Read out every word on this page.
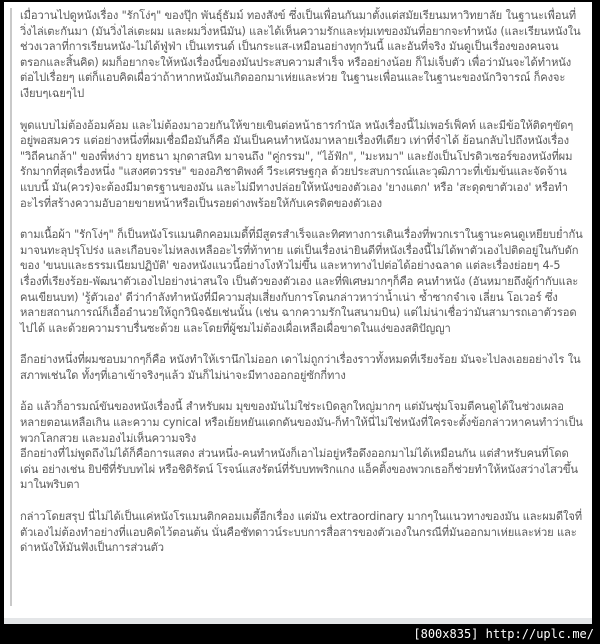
เมื่อวานไปดูหนังเรื่อง "รักโง่ๆ" ของปุ๊ก พันธุ์ธัมม์ ทองสังข์ ซึ่งเป็นเพื่อนกันมาตั้งแต่สมัยเรียนมหาวิทยาลัย ในฐานะเพื่อนที่วิ่งไล่เตะกันมา (มันวิ่งไล่เตะผม และผมวิ่งหนีมัน) และได้เห็นความรักและทุ่มเทของมันที่อยากจะทำหนัง (และเรียนหนังในช่วงเวลาที่การเรียนหนัง-ไม่ได้ฟู่ฟ่า เป็นเทรนด์ เป็นกระแส-เหมือนอย่างทุกวันนี้ และอันที่จริง มันดูเป็นเรื่องของคนจนตรอกและสิ้นคิด) ผมก็อยากจะให้หนังเรื่องนี้ของมันประสบความสำเร็จ หรืออย่างน้อย ก็ไม่เจ็บตัว เพื่อว่ามันจะได้ทำหนังต่อไปเรื่อยๆ แต่ก็แอบคิดเผื่อว่าถ้าหากหนังมันเกิดออกมาเห่ยและห่วย ในฐานะเพื่อนและในฐานะของนักวิจารณ์ ก็คงจะเงียบๆเฉยๆไป

พูดแบบไม่ต้องอ้อมค้อม และไม่ต้องมาอวยกันให้ขายเขินต่อหน้าธารกำนัล หนังเรื่องนี้ไม่เพอร์เฟ็คท์ และมีข้อให้ติดๆขัดๆอยู่พอสมควร แต่อย่างหนึ่งที่ผมเชื่อมือมันก็คือ มันเป็นคนทำหนังมาหลายเรื่องทีเดียว เท่าที่จำได้ ย้อนกลับไปถึงหนังเรื่อง "วิถีคนกล้า" ของพี่หง่าว ยุทธนา มุกดาสนิท มาจนถึง "คู่กรรม", "ไอ้ฟัก", "มะหมา" และยังเป็นโปรดิวเซอร์ของหนังที่ผมรักมากที่สุดเรื่องหนึ่ง "แสงศตวรรษ" ของอภิชาติพงศ์ วีระเศรษฐกุล ด้วยประสบการณ์และวุฒิภาวะที่เข้มข้นและจัดจ้านแบบนี้ มัน(ควร)จะต้องมีมาตรฐานของมัน และไม่มีทางปล่อยให้หนังของตัวเอง 'ยางแตก' หรือ 'สะดุดขาตัวเอง' หรือทำอะไรที่สร้างความอับอายขายหน้าหรือเป็นรอยด่างพร้อยให้กับเครดิตของตัวเอง

ตามเนื้อผ้า "รักโง่ๆ" ก็เป็นหนังโรแมนติกคอมเมดี้ที่มีสูตรสำเร็จและทิศทางการเดินเรื่องที่พวกเราในฐานะคนดูเหยียบย่ำกันมาจนทะลุปรุโปร่ง และเกือบจะไม่หลงเหลืออะไรที่ท้าทาย แต่เป็นเรื่องน่ายินดีที่หนังเรื่องนี้ไม่ได้พาตัวเองไปติดอยู่ในกับดักของ 'ขนบและธรรมเนียมปฏิบัติ' ของหนังแนวนี้อย่างโงหัวไม่ขึ้น และหาทางไปต่อได้อย่างฉลาด แต่ละเรื่องย่อยๆ 4-5 เรื่องที่เรียงร้อย-พัฒนาตัวเองไปอย่างน่าสนใจ เป็นตัวของตัวเอง และที่พิเศษมากๆก็คือ คนทำหนัง (อันหมายถึงผู้กำกับและคนเขียนบท) 'รู้ตัวเอง' ดีว่ากำลังทำหนังที่มีความสุ่มเสี่ยงกับการโดนกล่าวหาว่าน้ำเน่า ซ้ำซากจำเจ เลี่ยน โอเวอร์ ซึ่งหลายสถานการณ์ก็เอื้ออำนวยให้ถูกวินิจฉัยเช่นนั้น (เช่น ฉากความรักในสนามบิน) แต่ไม่น่าเชื่อว่ามันสามารถเอาตัวรอดไปได้ และด้วยความราบรื่นซะด้วย และโดยที่ผู้ชมไม่ต้องเผื่อเหลือเผื่อขาดในแง่ของสติปัญญา

อีกอย่างหนึ่งที่ผมชอบมากๆก็คือ หนังทำให้เรานึกไม่ออก เดาไม่ถูกว่าเรื่องราวทั้งหมดที่เรียงร้อย มันจะไปลงเอยอย่างไร ในสภาพเช่นใด ทั้งๆที่เอาเข้าจริงๆแล้ว มันก็ไม่น่าจะมีทางออกอยู่ซักกี่ทาง

อ้อ แล้วก็อารมณ์ขันของหนังเรื่องนี้ สำหรับผม มุขของมันไม่ใช่ระเบิดลูกใหญ่มากๆ แต่มันซุ่มโจมตีคนดูได้ในช่วงเผลอหลายตอนเหลือเกิน และความ cynical หรือเย้ยหยันแดกดันของมัน-ก็ทำให้นี่ไม่ใช่หนังที่ใครจะตั้งข้อกล่าวหาคนทำว่าเป็นพวกโลกสวย และมองไม่เห็นความจริง

อีกอย่างที่ไม่พูดถึงไม่ได้ก็คือการแสดง ส่วนหนึ่ง-คนทำหนังก็เอาไม่อยู่หรือดึงออกมาไม่ได้เหมือนกัน แต่สำหรับคนที่โดดเด่น อย่างเช่น ยิปซีที่รับบทไผ่ หรือชิดิรัตน์ โรจน์แสงรัตน์ที่รับบทพริกแกง แอ็คติ้งของพวกเธอก็ช่วยทำให้หนังสว่างไสวขึ้นมาในพริบตา

กล่าวโดยสรุป นี่ไม่ได้เป็นแค่หนังโรแมนติกคอมเมดี้อีกเรื่อง แต่มัน extraordinary มากๆในแนวทางของมัน และผมดีใจที่ตัวเองไม่ต้องทำอย่างที่แอบคิดไว้ตอนต้น นั่นคือชัทดาวน์ระบบการสื่อสารของตัวเองในกรณีที่มันออกมาเห่ยและห่วย และด่าหนังให้มันฟังเป็นการส่วนตัว

[800x835] http://uplc.me/
